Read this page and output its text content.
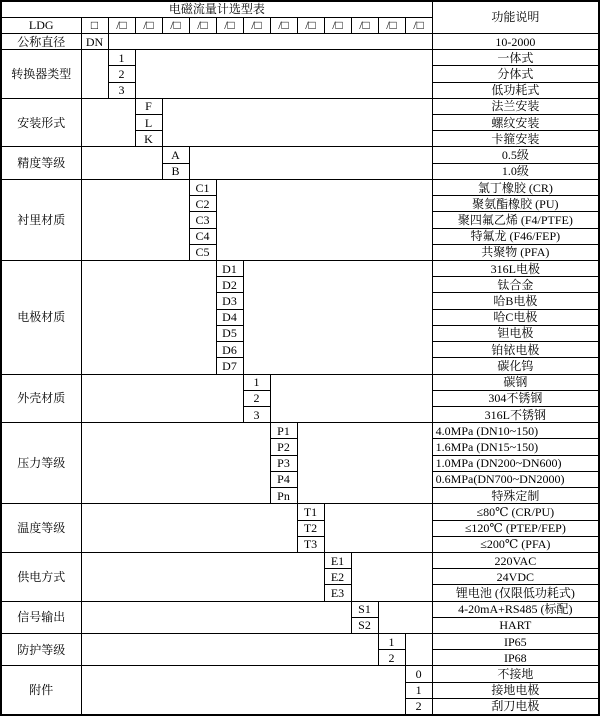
电磁流量计选型表														功能说明
LDG	□	/□	/□	/□	/□	/□	/□	/□	/□	/□	/□	/□	/□	
公称直径	DN													10-2000
转换器类型		1												一体式
		2												分体式
		3												低功耗式
安装形式			F											法兰安装
			L											螺纹安装
			K											卡箍安装
精度等级				A										0.5级
				B										1.0级
衬里材质					C1									氯丁橡胶 (CR)
					C2									聚氨酯橡胶 (PU)
					C3									聚四氟乙烯 (F4/PTFE)
					C4									特氟龙 (F46/FEP)
					C5									共聚物 (PFA)
电极材质						D1								316L电极
						D2								钛合金
						D3								哈B电极
						D4								哈C电极
						D5								钽电极
						D6								铂铱电极
						D7								碳化钨
外壳材质							1							碳钢
							2							304不锈钢
							3							316L不锈钢
压力等级								P1						4.0MPa (DN10~150)
								P2						1.6MPa (DN15~150)
								P3						1.0MPa (DN200~DN600)
								P4						0.6MPa(DN700~DN2000)
								Pn						特殊定制
温度等级									T1					≤80℃ (CR/PU)
									T2					≤120℃ (PTEP/FEP)
									T3					≤200℃ (PFA)
供电方式										E1				220VAC
										E2				24VDC
										E3				锂电池 (仅限低功耗式)
信号输出											S1			4-20mA+RS485 (标配)
											S2			HART
防护等级												1		IP65
												2		IP68
附件													0	不接地
													1	接地电极
													2	刮刀电极
